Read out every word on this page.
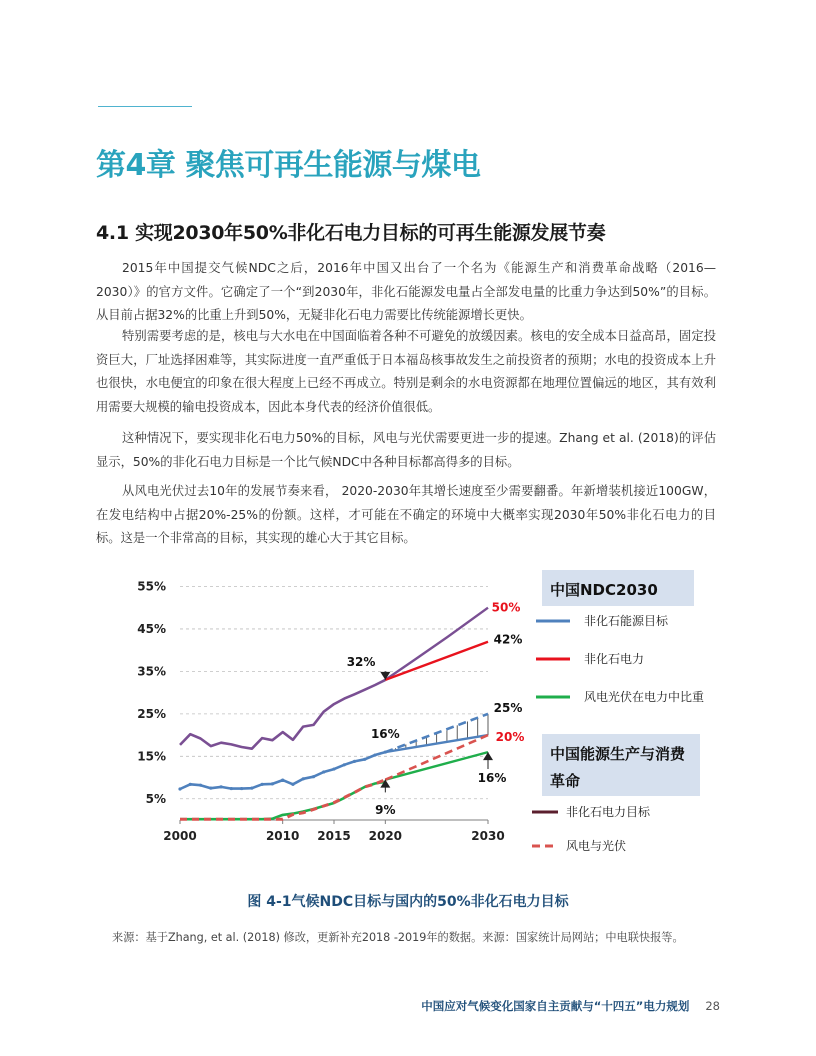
第4章 聚焦可再生能源与煤电
4.1 实现2030年50%非化石电力目标的可再生能源发展节奏

2015年中国提交气候NDC之后，2016年中国又出台了一个名为《能源生产和消费革命战略（2016—2030）》的官方文件。它确定了一个“到2030年，非化石能源发电量占全部发电量的比重力争达到50%”的目标。从目前占据32%的比重上升到50%，无疑非化石电力需要比传统能源增长更快。

特别需要考虑的是，核电与大水电在中国面临着各种不可避免的放缓因素。核电的安全成本日益高昂，固定投资巨大，厂址选择困难等，其实际进度一直严重低于日本福岛核事故发生之前投资者的预期；水电的投资成本上升也很快，水电便宜的印象在很大程度上已经不再成立。特别是剩余的水电资源都在地理位置偏远的地区，其有效利用需要大规模的输电投资成本，因此本身代表的经济价值很低。

这种情况下，要实现非化石电力50%的目标，风电与光伏需要更进一步的提速。Zhang et al. (2018)的评估显示，50%的非化石电力目标是一个比气候NDC中各种目标都高得多的目标。

从风电光伏过去10年的发展节奏来看， 2020-2030年其增长速度至少需要翻番。年新增装机接近100GW，在发电结构中占据20%-25%的份额。这样，才可能在不确定的环境中大概率实现2030年50%非化石电力的目标。这是一个非常高的目标，其实现的雄心大于其它目标。

55%
45%
35%
25%
15%
5%
2000	2010 2015 2020	2030
32%
16%
9%
50%
42%
25%
20%
16%
中国NDC2030
非化石能源目标
非化石电力
风电光伏在电力中比重
中国能源生产与消费
革命
非化石电力目标
风电与光伏

图 4-1气候NDC目标与国内的50%非化石电力目标

来源：基于Zhang, et al. (2018) 修改，更新补充2018 -2019年的数据。来源：国家统计局网站；中电联快报等。

中国应对气候变化国家自主贡献与“十四五”电力规划 28
